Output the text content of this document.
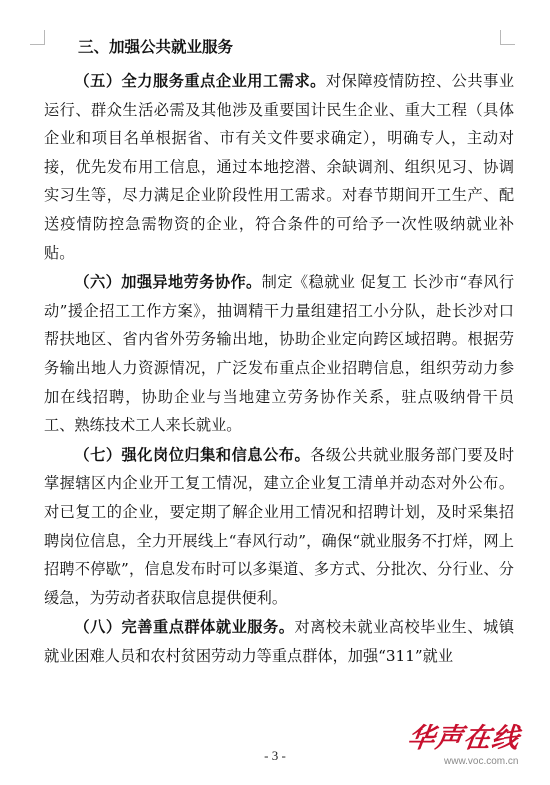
三、加强公共就业服务

（五）全力服务重点企业用工需求。对保障疫情防控、公共事业运行、群众生活必需及其他涉及重要国计民生企业、重大工程（具体企业和项目名单根据省、市有关文件要求确定），明确专人，主动对接，优先发布用工信息，通过本地挖潜、余缺调剂、组织见习、协调实习生等，尽力满足企业阶段性用工需求。对春节期间开工生产、配送疫情防控急需物资的企业，符合条件的可给予一次性吸纳就业补贴。

（六）加强异地劳务协作。制定《稳就业 促复工 长沙市“春风行动”援企招工工作方案》，抽调精干力量组建招工小分队，赴长沙对口帮扶地区、省内省外劳务输出地，协助企业定向跨区域招聘。根据劳务输出地人力资源情况，广泛发布重点企业招聘信息，组织劳动力参加在线招聘，协助企业与当地建立劳务协作关系，驻点吸纳骨干员工、熟练技术工人来长就业。

（七）强化岗位归集和信息公布。各级公共就业服务部门要及时掌握辖区内企业开工复工情况，建立企业复工清单并动态对外公布。对已复工的企业，要定期了解企业用工情况和招聘计划，及时采集招聘岗位信息，全力开展线上“春风行动”，确保“就业服务不打烊，网上招聘不停歇”，信息发布时可以多渠道、多方式、分批次、分行业、分缓急，为劳动者获取信息提供便利。

（八）完善重点群体就业服务。对离校未就业高校毕业生、城镇就业困难人员和农村贫困劳动力等重点群体，加强“311”就业

- 3 -
华声在线
www.voc.com.cn
